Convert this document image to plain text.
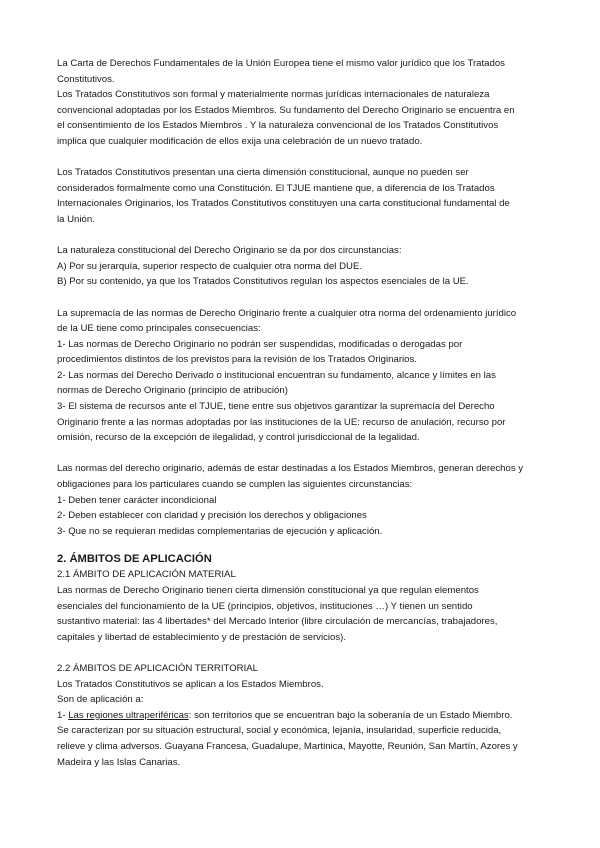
La Carta de Derechos Fundamentales de la Unión Europea tiene el mismo valor jurídico que los Tratados
Constitutivos.

Los Tratados Constitutivos son formal y materialmente normas jurídicas internacionales de naturaleza
convencional adoptadas por los Estados Miembros. Su fundamento del Derecho Originario se encuentra en
el consentimiento de los Estados Miembros . Y la naturaleza convencional de los Tratados Constitutivos
implica que cualquier modificación de ellos exija una celebración de un nuevo tratado.

Los Tratados Constitutivos presentan una cierta dimensión constitucional, aunque no pueden ser
considerados formalmente como una Constitución. El TJUE mantiene que, a diferencia de los Tratados
Internacionales Originarios, los Tratados Constitutivos constituyen una carta constitucional fundamental de
la Unión.

La naturaleza constitucional del Derecho Originario se da por dos circunstancias:

A) Por su jerarquía, superior respecto de cualquier otra norma del DUE.

B) Por su contenido, ya que los Tratados Constitutivos regulan los aspectos esenciales de la UE.

La supremacía de las normas de Derecho Originario frente a cualquier otra norma del ordenamiento jurídico
de la UE tiene como principales consecuencias:

1- Las normas de Derecho Originario no podrán ser suspendidas, modificadas o derogadas por
procedimientos distintos de los previstos para la revisión de los Tratados Originarios.

2- Las normas del Derecho Derivado o institucional encuentran su fundamento, alcance y límites en las
normas de Derecho Originario (principio de atribución)

3- El sistema de recursos ante el TJUE, tiene entre sus objetivos garantizar la supremacía del Derecho
Originario frente a las normas adoptadas por las instituciones de la UE: recurso de anulación, recurso por
omisión, recurso de la excepción de ilegalidad, y control jurisdiccional de la legalidad.

Las normas del derecho originario, además de estar destinadas a los Estados Miembros, generan derechos y
obligaciones para los particulares cuando se cumplen las siguientes circunstancias:

1- Deben tener carácter incondicional

2- Deben establecer con claridad y precisión los derechos y obligaciones

3- Que no se requieran medidas complementarias de ejecución y aplicación.

2. ÁMBITOS DE APLICACIÓN

2.1 ÁMBITO DE APLICACIÓN MATERIAL

Las normas de Derecho Originario tienen cierta dimensión constitucional ya que regulan elementos
esenciales del funcionamiento de la UE (principios, objetivos, instituciones …) Y tienen un sentido
sustantivo material: las 4 libertades* del Mercado Interior (libre circulación de mercancías, trabajadores,
capitales y libertad de establecimiento y de prestación de servicios).

2.2 ÁMBITOS DE APLICACIÓN TERRITORIAL

Los Tratados Constitutivos se aplican a los Estados Miembros.

Son de aplicación a:

1- Las regiones ultraperiféricas: son territorios que se encuentran bajo la soberanía de un Estado Miembro.

Se caracterizan por su situación estructural, social y económica, lejanía, insularidad, superficie reducida,
relieve y clima adversos. Guayana Francesa, Guadalupe, Martinica, Mayotte, Reunión, San Martín, Azores y
Madeira y las Islas Canarias.
